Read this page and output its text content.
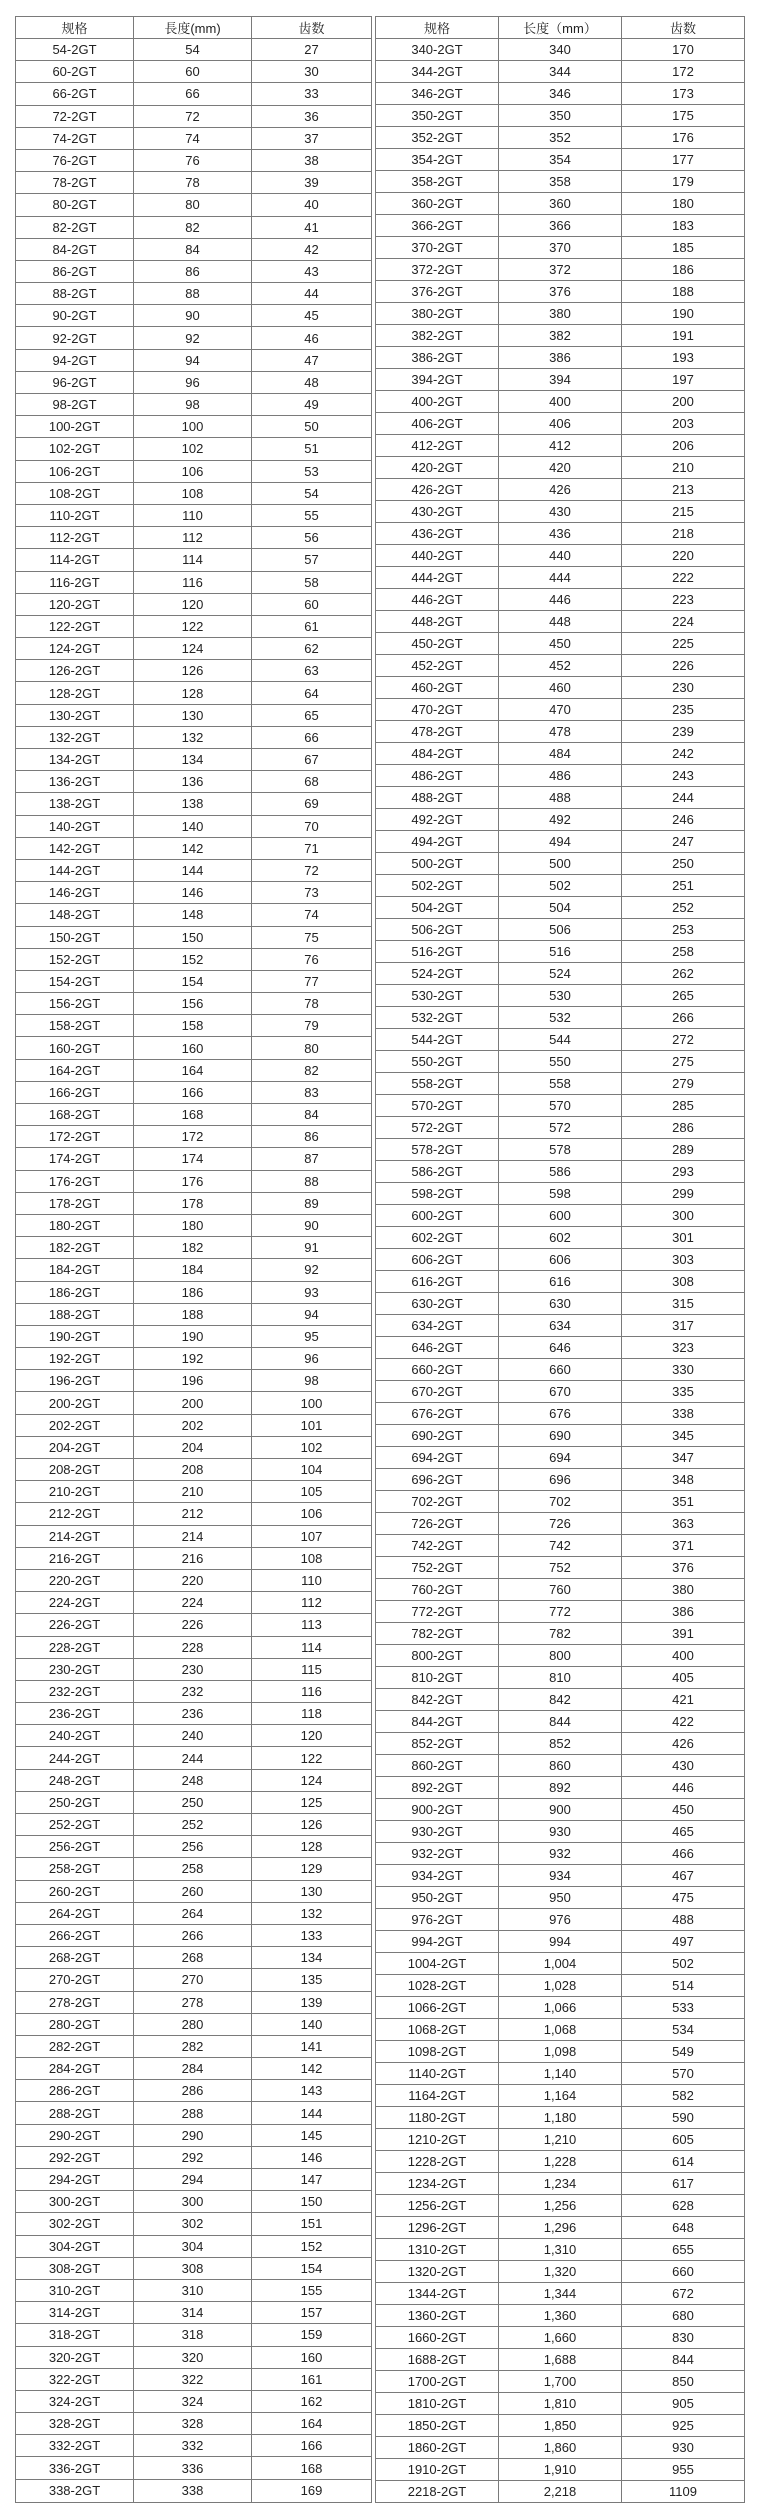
规格	長度(mm)	齿数
54-2GT	54	27
60-2GT	60	30
66-2GT	66	33
72-2GT	72	36
74-2GT	74	37
76-2GT	76	38
78-2GT	78	39
80-2GT	80	40
82-2GT	82	41
84-2GT	84	42
86-2GT	86	43
88-2GT	88	44
90-2GT	90	45
92-2GT	92	46
94-2GT	94	47
96-2GT	96	48
98-2GT	98	49
100-2GT	100	50
102-2GT	102	51
106-2GT	106	53
108-2GT	108	54
110-2GT	110	55
112-2GT	112	56
114-2GT	114	57
116-2GT	116	58
120-2GT	120	60
122-2GT	122	61
124-2GT	124	62
126-2GT	126	63
128-2GT	128	64
130-2GT	130	65
132-2GT	132	66
134-2GT	134	67
136-2GT	136	68
138-2GT	138	69
140-2GT	140	70
142-2GT	142	71
144-2GT	144	72
146-2GT	146	73
148-2GT	148	74
150-2GT	150	75
152-2GT	152	76
154-2GT	154	77
156-2GT	156	78
158-2GT	158	79
160-2GT	160	80
164-2GT	164	82
166-2GT	166	83
168-2GT	168	84
172-2GT	172	86
174-2GT	174	87
176-2GT	176	88
178-2GT	178	89
180-2GT	180	90
182-2GT	182	91
184-2GT	184	92
186-2GT	186	93
188-2GT	188	94
190-2GT	190	95
192-2GT	192	96
196-2GT	196	98
200-2GT	200	100
202-2GT	202	101
204-2GT	204	102
208-2GT	208	104
210-2GT	210	105
212-2GT	212	106
214-2GT	214	107
216-2GT	216	108
220-2GT	220	110
224-2GT	224	112
226-2GT	226	113
228-2GT	228	114
230-2GT	230	115
232-2GT	232	116
236-2GT	236	118
240-2GT	240	120
244-2GT	244	122
248-2GT	248	124
250-2GT	250	125
252-2GT	252	126
256-2GT	256	128
258-2GT	258	129
260-2GT	260	130
264-2GT	264	132
266-2GT	266	133
268-2GT	268	134
270-2GT	270	135
278-2GT	278	139
280-2GT	280	140
282-2GT	282	141
284-2GT	284	142
286-2GT	286	143
288-2GT	288	144
290-2GT	290	145
292-2GT	292	146
294-2GT	294	147
300-2GT	300	150
302-2GT	302	151
304-2GT	304	152
308-2GT	308	154
310-2GT	310	155
314-2GT	314	157
318-2GT	318	159
320-2GT	320	160
322-2GT	322	161
324-2GT	324	162
328-2GT	328	164
332-2GT	332	166
336-2GT	336	168
338-2GT	338	169
规格	长度（mm）	齿数
340-2GT	340	170
344-2GT	344	172
346-2GT	346	173
350-2GT	350	175
352-2GT	352	176
354-2GT	354	177
358-2GT	358	179
360-2GT	360	180
366-2GT	366	183
370-2GT	370	185
372-2GT	372	186
376-2GT	376	188
380-2GT	380	190
382-2GT	382	191
386-2GT	386	193
394-2GT	394	197
400-2GT	400	200
406-2GT	406	203
412-2GT	412	206
420-2GT	420	210
426-2GT	426	213
430-2GT	430	215
436-2GT	436	218
440-2GT	440	220
444-2GT	444	222
446-2GT	446	223
448-2GT	448	224
450-2GT	450	225
452-2GT	452	226
460-2GT	460	230
470-2GT	470	235
478-2GT	478	239
484-2GT	484	242
486-2GT	486	243
488-2GT	488	244
492-2GT	492	246
494-2GT	494	247
500-2GT	500	250
502-2GT	502	251
504-2GT	504	252
506-2GT	506	253
516-2GT	516	258
524-2GT	524	262
530-2GT	530	265
532-2GT	532	266
544-2GT	544	272
550-2GT	550	275
558-2GT	558	279
570-2GT	570	285
572-2GT	572	286
578-2GT	578	289
586-2GT	586	293
598-2GT	598	299
600-2GT	600	300
602-2GT	602	301
606-2GT	606	303
616-2GT	616	308
630-2GT	630	315
634-2GT	634	317
646-2GT	646	323
660-2GT	660	330
670-2GT	670	335
676-2GT	676	338
690-2GT	690	345
694-2GT	694	347
696-2GT	696	348
702-2GT	702	351
726-2GT	726	363
742-2GT	742	371
752-2GT	752	376
760-2GT	760	380
772-2GT	772	386
782-2GT	782	391
800-2GT	800	400
810-2GT	810	405
842-2GT	842	421
844-2GT	844	422
852-2GT	852	426
860-2GT	860	430
892-2GT	892	446
900-2GT	900	450
930-2GT	930	465
932-2GT	932	466
934-2GT	934	467
950-2GT	950	475
976-2GT	976	488
994-2GT	994	497
1004-2GT	1,004	502
1028-2GT	1,028	514
1066-2GT	1,066	533
1068-2GT	1,068	534
1098-2GT	1,098	549
1140-2GT	1,140	570
1164-2GT	1,164	582
1180-2GT	1,180	590
1210-2GT	1,210	605
1228-2GT	1,228	614
1234-2GT	1,234	617
1256-2GT	1,256	628
1296-2GT	1,296	648
1310-2GT	1,310	655
1320-2GT	1,320	660
1344-2GT	1,344	672
1360-2GT	1,360	680
1660-2GT	1,660	830
1688-2GT	1,688	844
1700-2GT	1,700	850
1810-2GT	1,810	905
1850-2GT	1,850	925
1860-2GT	1,860	930
1910-2GT	1,910	955
2218-2GT	2,218	1109
